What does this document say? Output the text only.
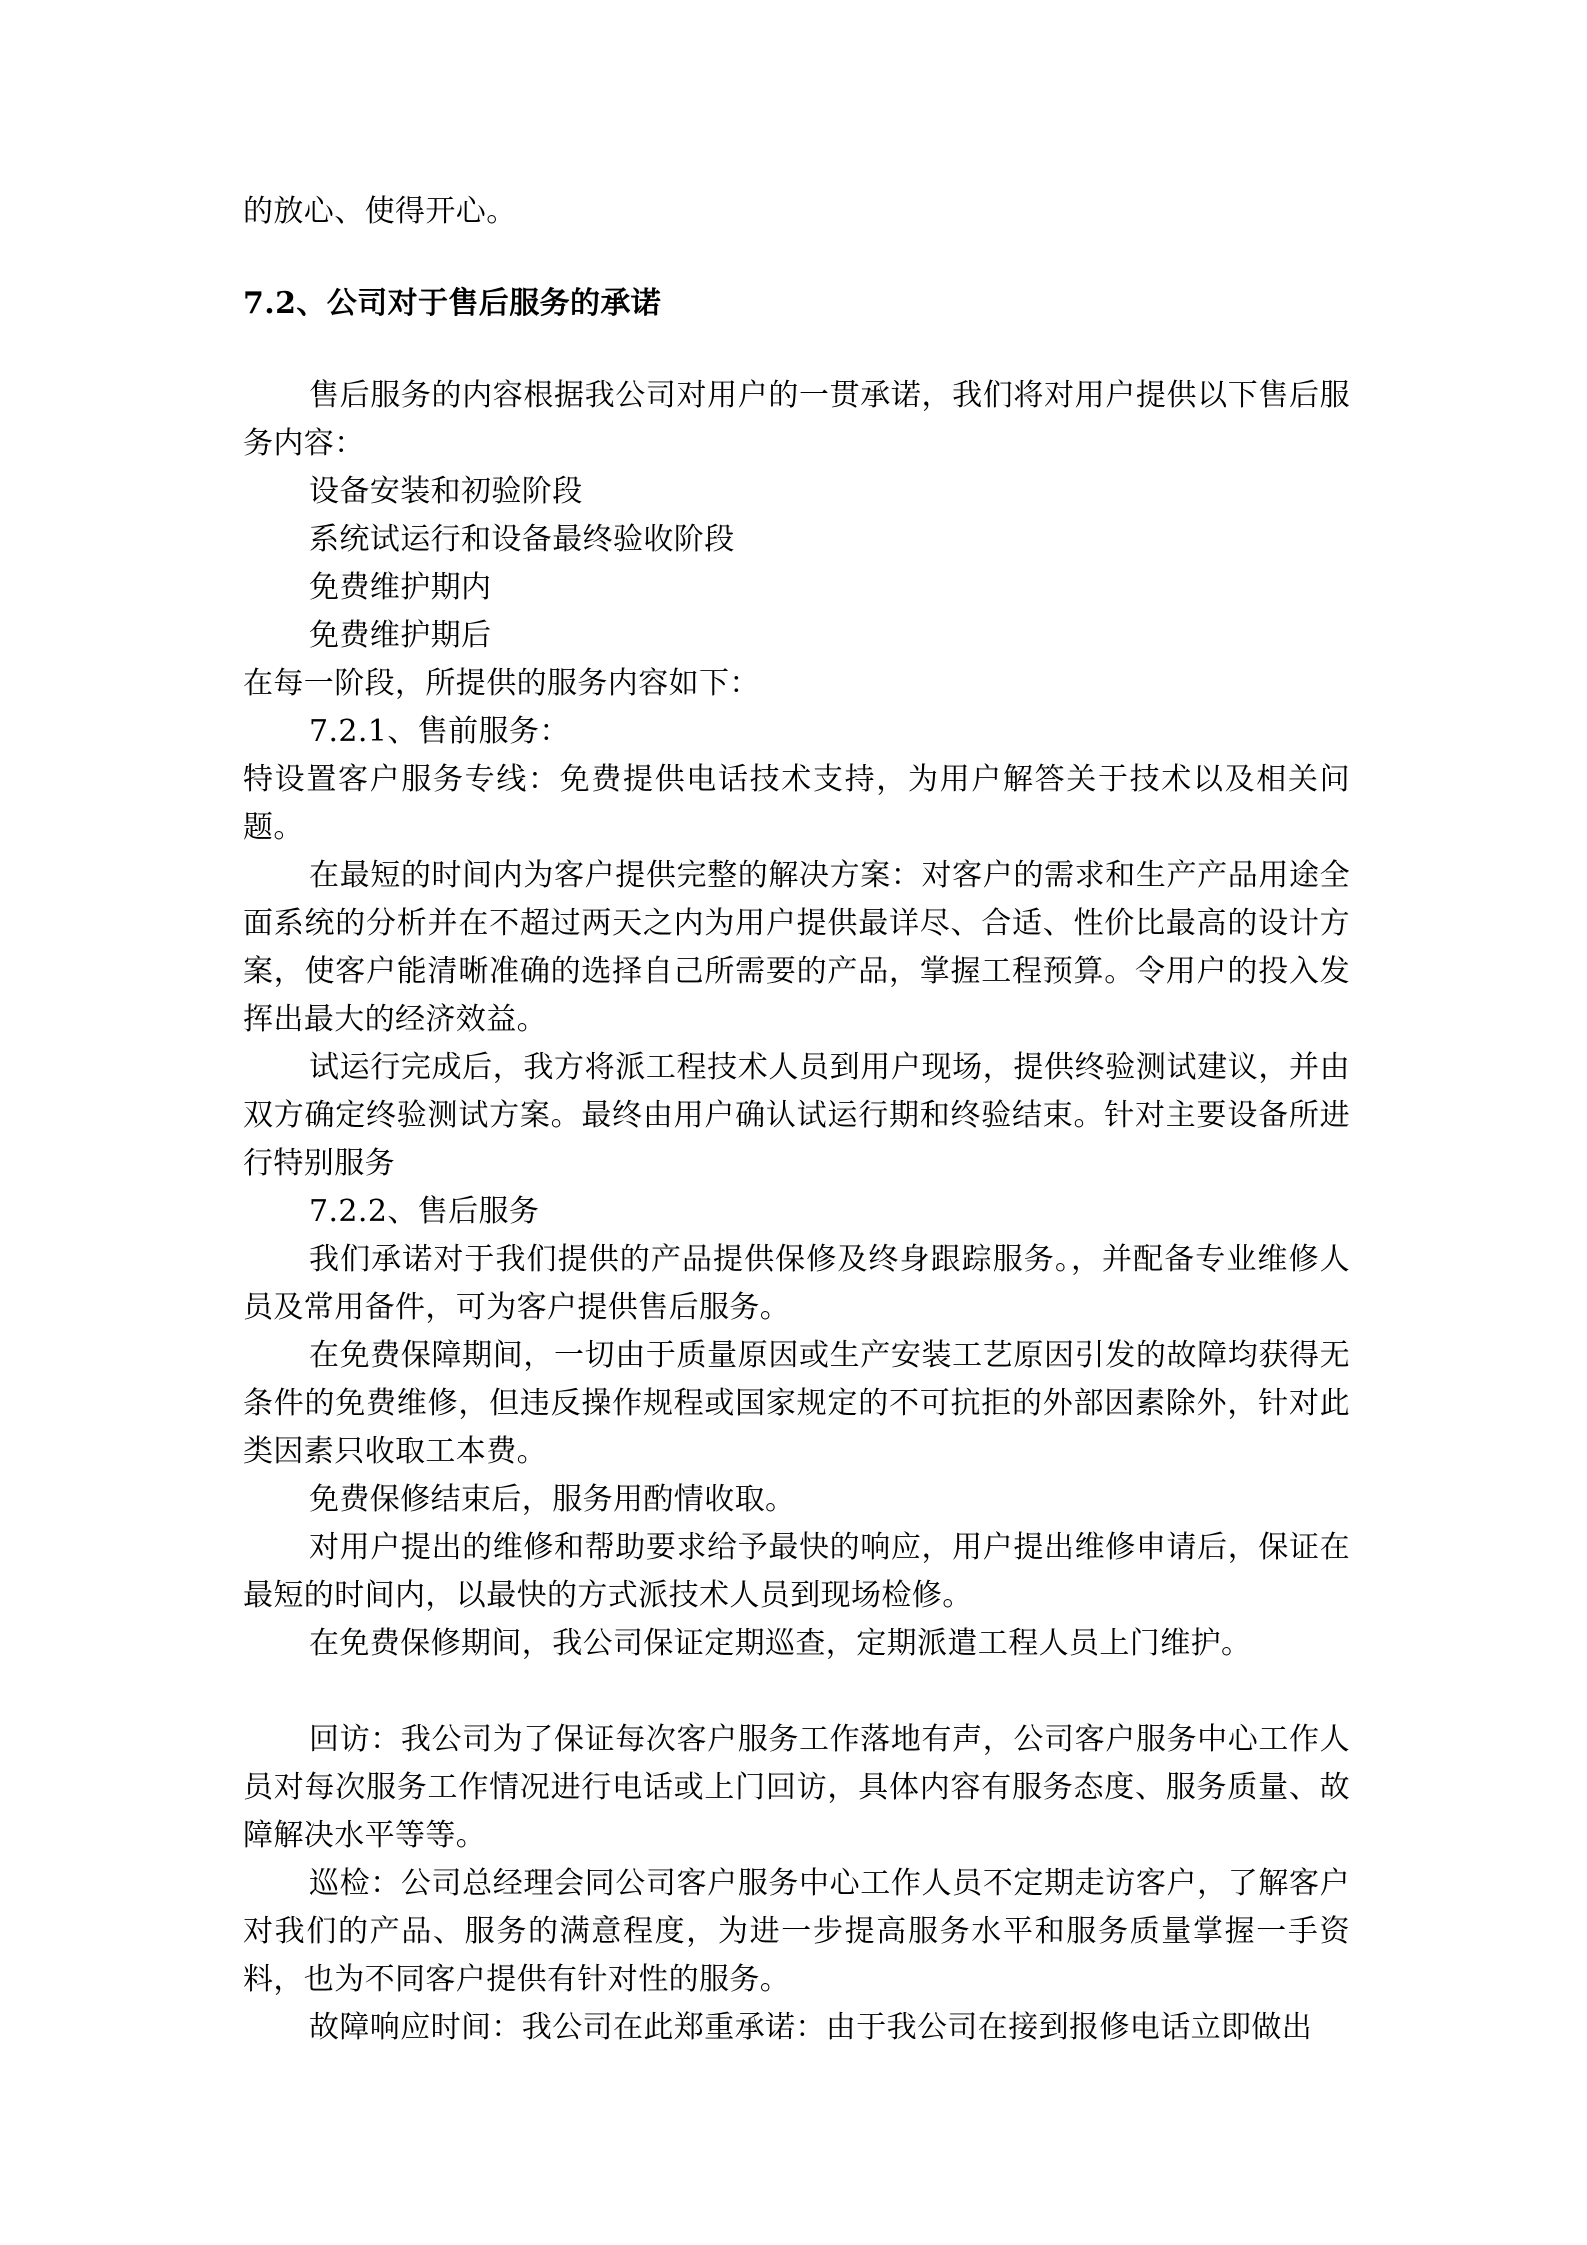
的放心、使得开心。

7.2、公司对于售后服务的承诺

售后服务的内容根据我公司对用户的一贯承诺，我们将对用户提供以下售后服务内容：

设备安装和初验阶段

系统试运行和设备最终验收阶段

免费维护期内

免费维护期后

在每一阶段，所提供的服务内容如下：

7.2.1、售前服务：

特设置客户服务专线：免费提供电话技术支持，为用户解答关于技术以及相关问题。

在最短的时间内为客户提供完整的解决方案：对客户的需求和生产产品用途全面系统的分析并在不超过两天之内为用户提供最详尽、合适、性价比最高的设计方案，使客户能清晰准确的选择自己所需要的产品，掌握工程预算。令用户的投入发挥出最大的经济效益。

试运行完成后，我方将派工程技术人员到用户现场，提供终验测试建议，并由双方确定终验测试方案。最终由用户确认试运行期和终验结束。针对主要设备所进行特别服务

7.2.2、售后服务

我们承诺对于我们提供的产品提供保修及终身跟踪服务。，并配备专业维修人员及常用备件，可为客户提供售后服务。

在免费保障期间，一切由于质量原因或生产安装工艺原因引发的故障均获得无条件的免费维修，但违反操作规程或国家规定的不可抗拒的外部因素除外，针对此类因素只收取工本费。

免费保修结束后，服务用酌情收取。

对用户提出的维修和帮助要求给予最快的响应，用户提出维修申请后，保证在最短的时间内，以最快的方式派技术人员到现场检修。

在免费保修期间，我公司保证定期巡查，定期派遣工程人员上门维护。

回访：我公司为了保证每次客户服务工作落地有声，公司客户服务中心工作人员对每次服务工作情况进行电话或上门回访，具体内容有服务态度、服务质量、故障解决水平等等。

巡检：公司总经理会同公司客户服务中心工作人员不定期走访客户，了解客户对我们的产品、服务的满意程度，为进一步提高服务水平和服务质量掌握一手资料，也为不同客户提供有针对性的服务。

故障响应时间：我公司在此郑重承诺：由于我公司在接到报修电话立即做出
